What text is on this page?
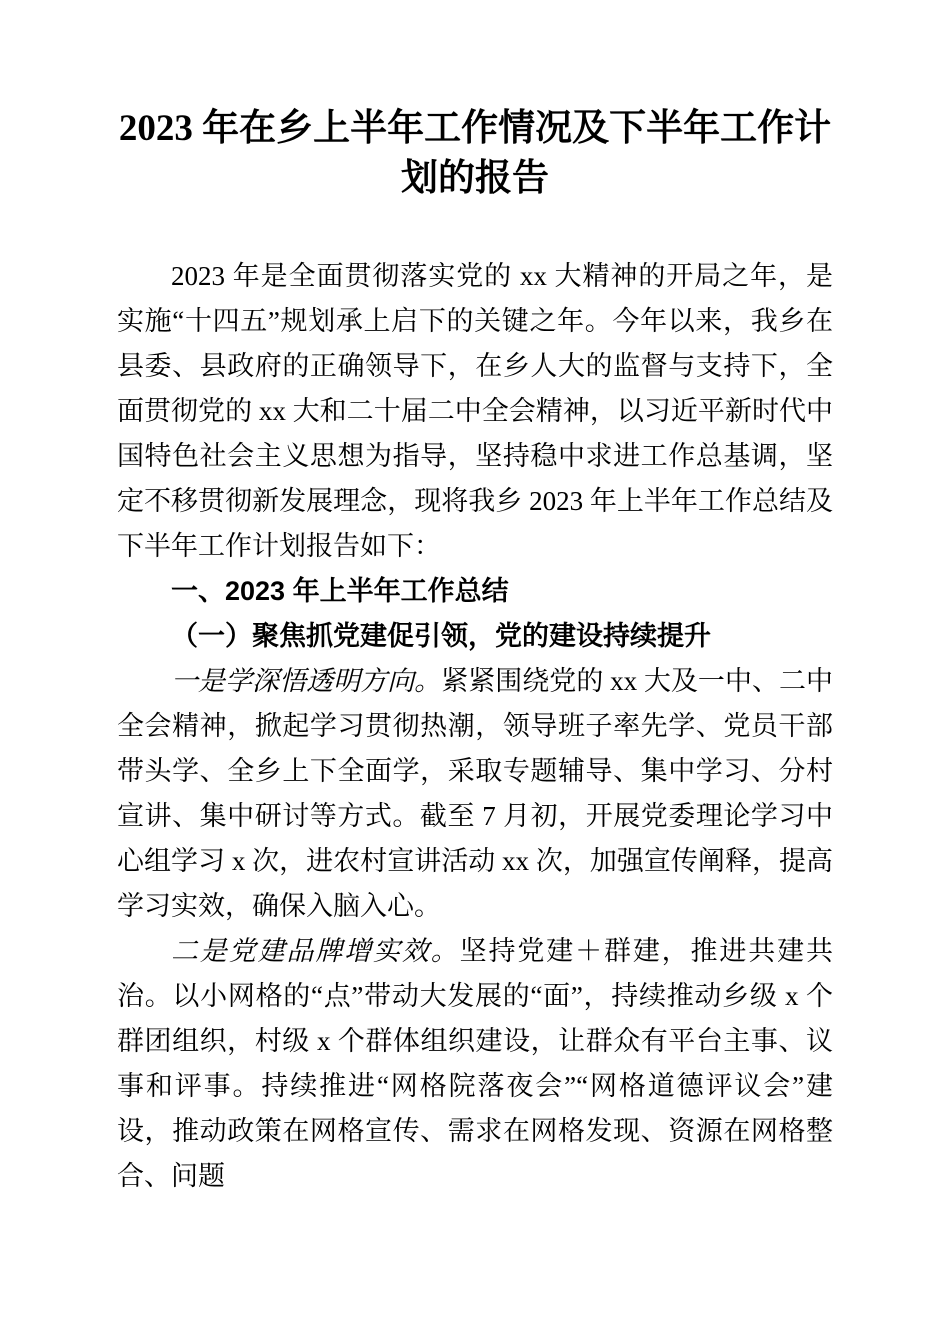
2023 年在乡上半年工作情况及下半年工作计划的报告

2023 年是全面贯彻落实党的 xx 大精神的开局之年，是实施“十四五”规划承上启下的关键之年。今年以来，我乡在县委、县政府的正确领导下，在乡人大的监督与支持下，全面贯彻党的 xx 大和二十届二中全会精神，以习近平新时代中国特色社会主义思想为指导，坚持稳中求进工作总基调，坚定不移贯彻新发展理念，现将我乡 2023 年上半年工作总结及下半年工作计划报告如下：

一、2023 年上半年工作总结
（一）聚焦抓党建促引领，党的建设持续提升

一是学深悟透明方向。紧紧围绕党的 xx 大及一中、二中全会精神，掀起学习贯彻热潮，领导班子率先学、党员干部带头学、全乡上下全面学，采取专题辅导、集中学习、分村宣讲、集中研讨等方式。截至 7 月初，开展党委理论学习中心组学习 x 次，进农村宣讲活动 xx 次，加强宣传阐释，提高学习实效，确保入脑入心。

二是党建品牌增实效。坚持党建＋群建，推进共建共治。以小网格的“点”带动大发展的“面”，持续推动乡级 x 个群团组织，村级 x 个群体组织建设，让群众有平台主事、议事和评事。持续推进“网格院落夜会”“网格道德评议会”建设，推动政策在网格宣传、需求在网格发现、资源在网格整合、问题
